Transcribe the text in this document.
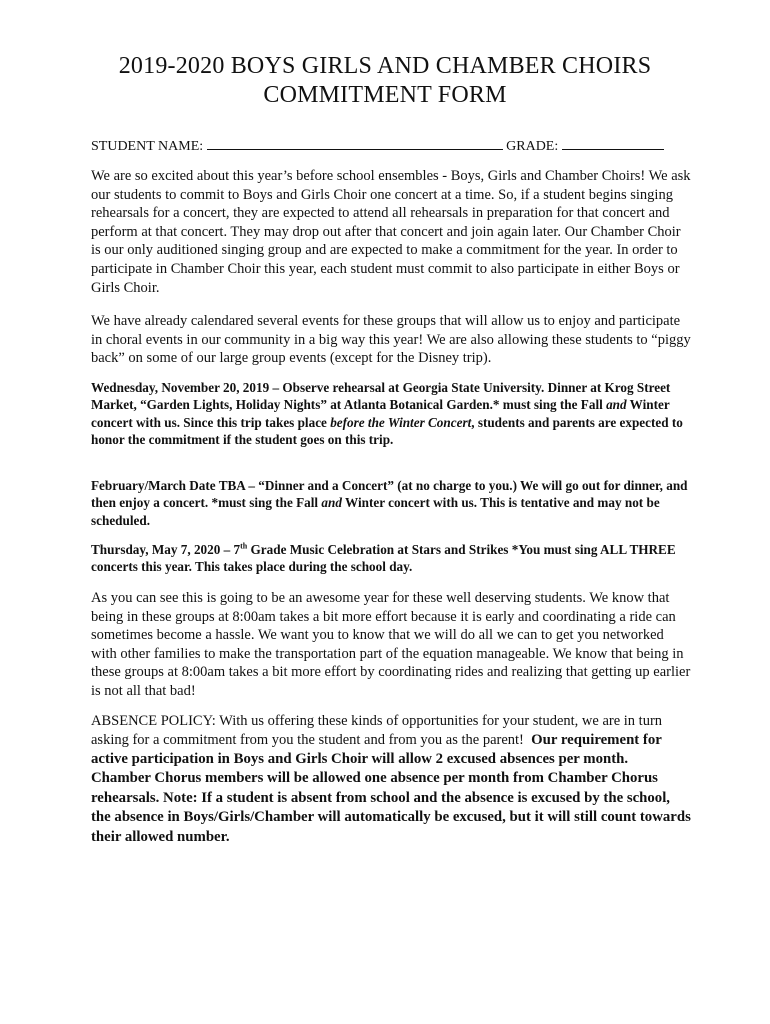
2019-2020 BOYS GIRLS AND CHAMBER CHOIRS
COMMITMENT FORM
STUDENT NAME:	GRADE:

We are so excited about this year’s before school ensembles - Boys, Girls and Chamber Choirs! We ask our students to commit to Boys and Girls Choir one concert at a time. So, if a student begins singing rehearsals for a concert, they are expected to attend all rehearsals in preparation for that concert and perform at that concert. They may drop out after that concert and join again later. Our Chamber Choir is our only auditioned singing group and are expected to make a commitment for the year. In order to participate in Chamber Choir this year, each student must commit to also participate in either Boys or Girls Choir.

We have already calendared several events for these groups that will allow us to enjoy and participate in choral events in our community in a big way this year! We are also allowing these students to “piggy back” on some of our large group events (except for the Disney trip).

Wednesday, November 20, 2019 – Observe rehearsal at Georgia State University. Dinner at Krog Street Market, “Garden Lights, Holiday Nights” at Atlanta Botanical Garden.* must sing the Fall and Winter concert with us. Since this trip takes place before the Winter Concert, students and parents are expected to honor the commitment if the student goes on this trip.

February/March Date TBA – “Dinner and a Concert” (at no charge to you.) We will go out for dinner, and then enjoy a concert. *must sing the Fall and Winter concert with us. This is tentative and may not be scheduled.

Thursday, May 7, 2020 – 7th Grade Music Celebration at Stars and Strikes *You must sing ALL THREE concerts this year. This takes place during the school day.

As you can see this is going to be an awesome year for these well deserving students. We know that being in these groups at 8:00am takes a bit more effort because it is early and coordinating a ride can sometimes become a hassle. We want you to know that we will do all we can to get you networked with other families to make the transportation part of the equation manageable. We know that being in these groups at 8:00am takes a bit more effort by coordinating rides and realizing that getting up earlier is not all that bad!

ABSENCE POLICY: With us offering these kinds of opportunities for your student, we are in turn asking for a commitment from you the student and from you as the parent! Our requirement for active participation in Boys and Girls Choir will allow 2 excused absences per month. Chamber Chorus members will be allowed one absence per month from Chamber Chorus rehearsals. Note: If a student is absent from school and the absence is excused by the school, the absence in Boys/Girls/Chamber will automatically be excused, but it will still count towards their allowed number.
